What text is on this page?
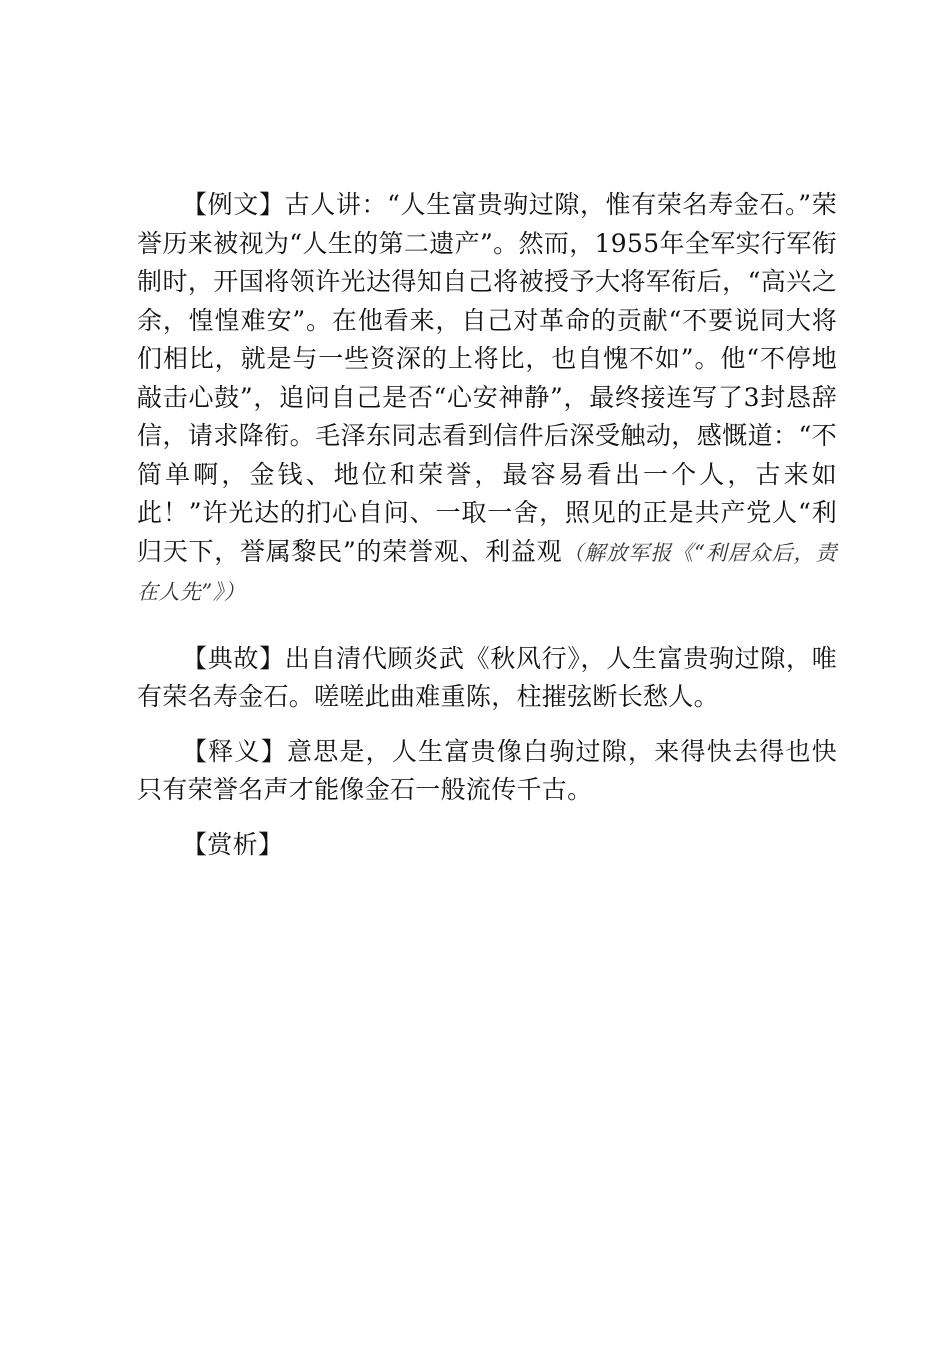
【例文】古人讲：“人生富贵驹过隙，惟有荣名寿金石。”荣誉历来被视为“人生的第二遗产”。然而，1955年全军实行军衔制时，开国将领许光达得知自己将被授予大将军衔后，“高兴之余，惶惶难安”。在他看来，自己对革命的贡献“不要说同大将们相比，就是与一些资深的上将比，也自愧不如”。他“不停地敲击心鼓”，追问自己是否“心安神静”，最终接连写了3封恳辞信，请求降衔。毛泽东同志看到信件后深受触动，感慨道：“不简单啊，金钱、地位和荣誉，最容易看出一个人，古来如此！”许光达的扪心自问、一取一舍，照见的正是共产党人“利归天下，誉属黎民”的荣誉观、利益观（解放军报《“利居众后，责在人先”》）

【典故】出自清代顾炎武《秋风行》，人生富贵驹过隙，唯有荣名寿金石。嗟嗟此曲难重陈，柱摧弦断长愁人。

【释义】意思是，人生富贵像白驹过隙，来得快去得也快只有荣誉名声才能像金石一般流传千古。

【赏析】
